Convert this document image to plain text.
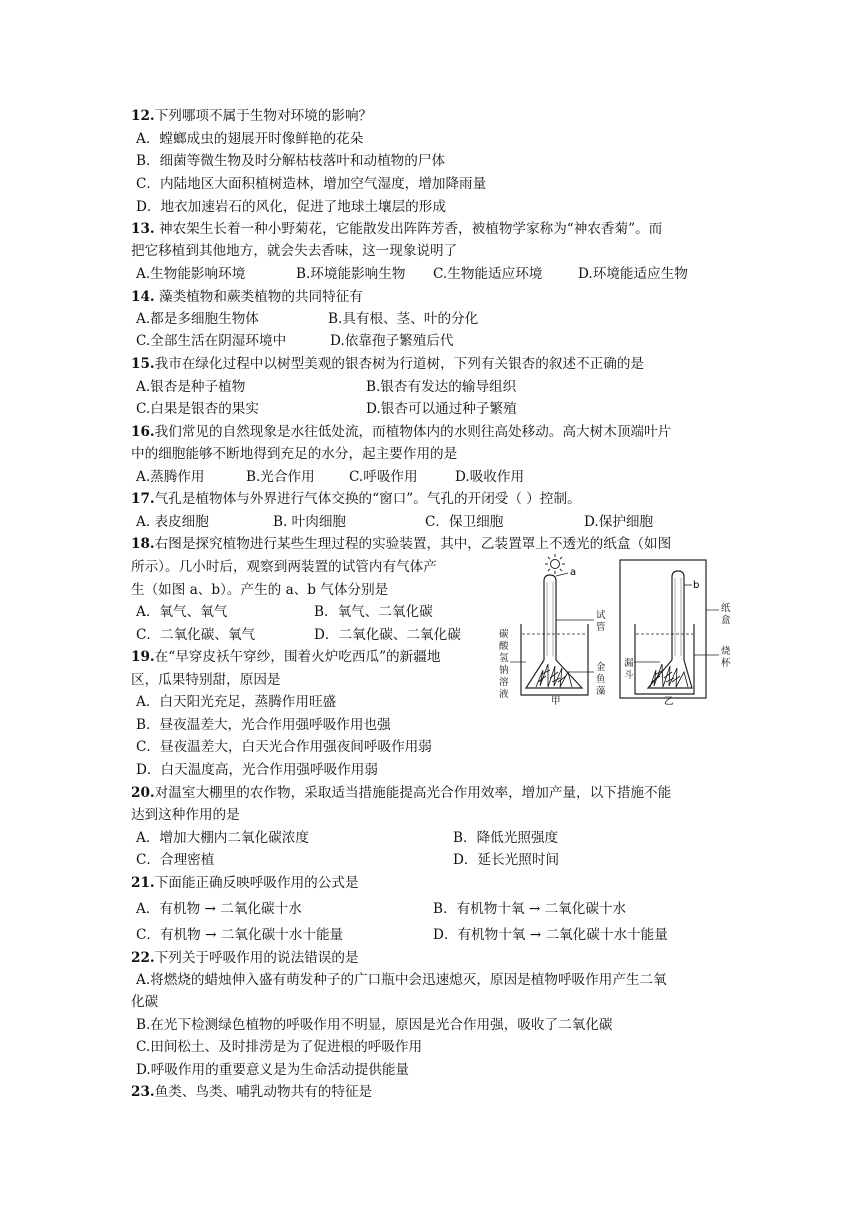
12.下列哪项不属于生物对环境的影响？
A．螳螂成虫的翅展开时像鲜艳的花朵
B．细菌等微生物及时分解枯枝落叶和动植物的尸体
C．内陆地区大面积植树造林，增加空气湿度，增加降雨量
D．地衣加速岩石的风化，促进了地球土壤层的形成
13. 神农架生长着一种小野菊花，它能散发出阵阵芳香，被植物学家称为“神农香菊”。而
把它移植到其他地方，就会失去香味，这一现象说明了
A.生物能影响环境	B.环境能影响生物 C.生物能适应环境	D.环境能适应生物
14. 藻类植物和蕨类植物的共同特征有
A.都是多细胞生物体	B.具有根、茎、叶的分化
C.全部生活在阴湿环境中	D.依靠孢子繁殖后代
15.我市在绿化过程中以树型美观的银杏树为行道树，下列有关银杏的叙述不正确的是
A.银杏是种子植物	B.银杏有发达的输导组织
C.白果是银杏的果实	D.银杏可以通过种子繁殖
16.我们常见的自然现象是水往低处流，而植物体内的水则往高处移动。高大树木顶端叶片
中的细胞能够不断地得到充足的水分，起主要作用的是
A.蒸腾作用	B.光合作用	C.呼吸作用	D.吸收作用
17.气孔是植物体与外界进行气体交换的“窗口”。气孔的开闭受（ ）控制。
A. 表皮细胞	B. 叶肉细胞	C．保卫细胞	D.保护细胞
18.右图是探究植物进行某些生理过程的实验装置，其中，乙装置罩上不透光的纸盒（如图
所示）。几小时后，观察到两装置的试管内有气体产
生（如图 a、b）。产生的 a、b 气体分别是
A．氧气、氧气	B．氧气、二氧化碳
C．二氧化碳、氧气	D．二氧化碳、二氧化碳
19.在“早穿皮袄午穿纱，围着火炉吃西瓜”的新疆地
区，瓜果特别甜，原因是
A．白天阳光充足，蒸腾作用旺盛
B．昼夜温差大，光合作用强呼吸作用也强
C．昼夜温差大，白天光合作用强夜间呼吸作用弱
D．白天温度高，光合作用强呼吸作用弱
20.对温室大棚里的农作物，采取适当措施能提高光合作用效率，增加产量，以下措施不能
达到这种作用的是
A．增加大棚内二氧化碳浓度	B．降低光照强度
C．合理密植	D．延长光照时间
21.下面能正确反映呼吸作用的公式是
A．有机物 → 二氧化碳十水	B．有机物十氧 → 二氧化碳十水
C．有机物 → 二氧化碳十水十能量	D．有机物十氧 → 二氧化碳十水十能量
22.下列关于呼吸作用的说法错误的是
A.将燃烧的蜡烛伸入盛有萌发种子的广口瓶中会迅速熄灭，原因是植物呼吸作用产生二氧
化碳
B.在光下检测绿色植物的呼吸作用不明显，原因是光合作用强，吸收了二氧化碳
C.田间松土、及时排涝是为了促进根的呼吸作用
D.呼吸作用的重要意义是为生命活动提供能量
23.鱼类、鸟类、哺乳动物共有的特征是
a
碳
酸
氢
钠
溶
液
试
管
金
鱼
藻
甲
b
漏
斗
纸
盒
烧
杯
乙
